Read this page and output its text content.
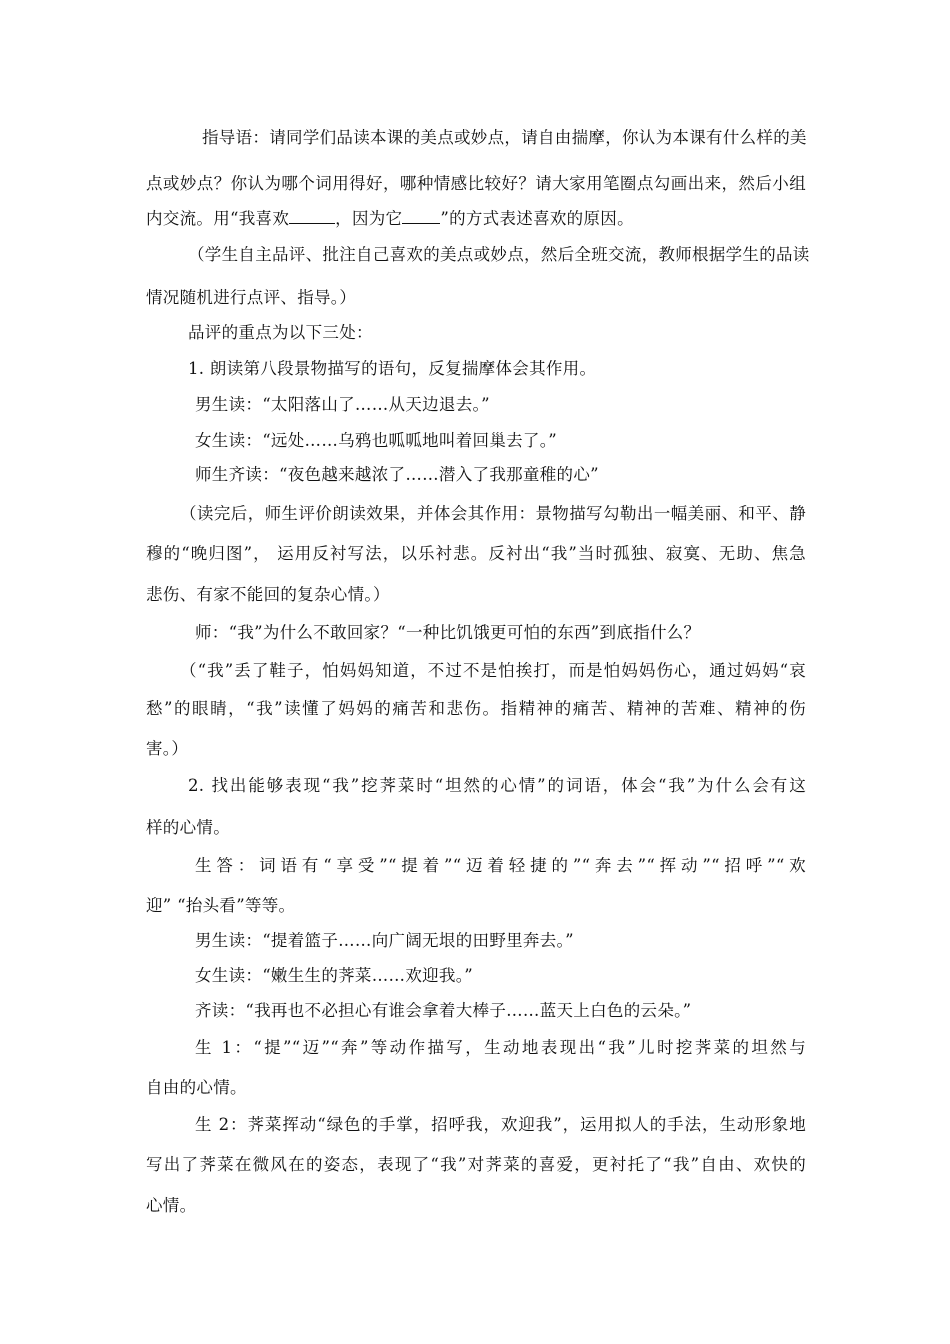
指导语：请同学们品读本课的美点或妙点，请自由揣摩，你认为本课有什么样的美
点或妙点？你认为哪个词用得好，哪种情感比较好？请大家用笔圈点勾画出来，然后小组
内交流。用“我喜欢	，因为它 ”的方式表述喜欢的原因。
（学生自主品评、批注自己喜欢的美点或妙点，然后全班交流，教师根据学生的品读
情况随机进行点评、指导。）
品评的重点为以下三处：
1. 朗读第八段景物描写的语句，反复揣摩体会其作用。
男生读：“太阳落山了……从天边退去。”
女生读：“远处……乌鸦也呱呱地叫着回巢去了。”
师生齐读：“夜色越来越浓了……潜入了我那童稚的心”
（读完后，师生评价朗读效果，并体会其作用：景物描写勾勒出一幅美丽、和平、静
穆的“晚归图”， 运用反衬写法，以乐衬悲。反衬出“我”当时孤独、寂寞、无助、焦急
悲伤、有家不能回的复杂心情。）
师：“我”为什么不敢回家？“一种比饥饿更可怕的东西”到底指什么？
（“我”丢了鞋子，怕妈妈知道，不过不是怕挨打，而是怕妈妈伤心，通过妈妈“哀
愁”的眼睛，“我”读懂了妈妈的痛苦和悲伤。指精神的痛苦、精神的苦难、精神的伤
害。）
2. 找出能够表现“我”挖荠菜时“坦然的心情”的词语，体会“我”为什么会有这
样的心情。
生答：词语有“享受”“提着”“迈着轻捷的”“奔去”“挥动”“招呼”“欢
迎” “抬头看”等等。
男生读：“提着篮子……向广阔无垠的田野里奔去。”
女生读：“嫩生生的荠菜……欢迎我。”
齐读：“我再也不必担心有谁会拿着大棒子……蓝天上白色的云朵。”
生 1：“提”“迈”“奔”等动作描写，生动地表现出“我”儿时挖荠菜的坦然与
自由的心情。
生 2：荠菜挥动“绿色的手掌，招呼我，欢迎我”，运用拟人的手法，生动形象地
写出了荠菜在微风在的姿态，表现了“我”对荠菜的喜爱，更衬托了“我”自由、欢快的
心情。
